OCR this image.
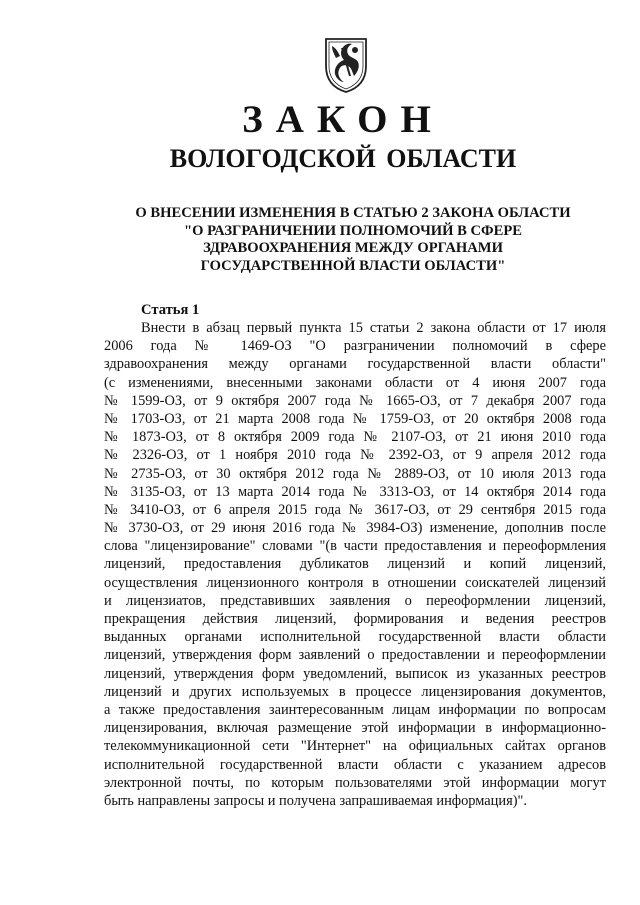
ЗАКОН
ВОЛОГОДСКОЙ ОБЛАСТИ
О ВНЕСЕНИИ ИЗМЕНЕНИЯ В СТАТЬЮ 2 ЗАКОНА ОБЛАСТИ
"О РАЗГРАНИЧЕНИИ ПОЛНОМОЧИЙ В СФЕРЕ
ЗДРАВООХРАНЕНИЯ МЕЖДУ ОРГАНАМИ
ГОСУДАРСТВЕННОЙ ВЛАСТИ ОБЛАСТИ"
Статья 1
Внести в абзац первый пункта 15 статьи 2 закона области от 17 июля
2006 года № 1469-ОЗ "О разграничении полномочий в сфере
здравоохранения между органами государственной власти области"
(с изменениями, внесенными законами области от 4 июня 2007 года
№ 1599-ОЗ, от 9 октября 2007 года № 1665-ОЗ, от 7 декабря 2007 года
№ 1703-ОЗ, от 21 марта 2008 года № 1759-ОЗ, от 20 октября 2008 года
№ 1873-ОЗ, от 8 октября 2009 года № 2107-ОЗ, от 21 июня 2010 года
№ 2326-ОЗ, от 1 ноября 2010 года № 2392-ОЗ, от 9 апреля 2012 года
№ 2735-ОЗ, от 30 октября 2012 года № 2889-ОЗ, от 10 июля 2013 года
№ 3135-ОЗ, от 13 марта 2014 года № 3313-ОЗ, от 14 октября 2014 года
№ 3410-ОЗ, от 6 апреля 2015 года № 3617-ОЗ, от 29 сентября 2015 года
№ 3730-ОЗ, от 29 июня 2016 года № 3984-ОЗ) изменение, дополнив после
слова "лицензирование" словами "(в части предоставления и переоформления
лицензий, предоставления дубликатов лицензий и копий лицензий,
осуществления лицензионного контроля в отношении соискателей лицензий
и лицензиатов, представивших заявления о переоформлении лицензий,
прекращения действия лицензий, формирования и ведения реестров
выданных органами исполнительной государственной власти области
лицензий, утверждения форм заявлений о предоставлении и переоформлении
лицензий, утверждения форм уведомлений, выписок из указанных реестров
лицензий и других используемых в процессе лицензирования документов,
а также предоставления заинтересованным лицам информации по вопросам
лицензирования, включая размещение этой информации в информационно-
телекоммуникационной сети "Интернет" на официальных сайтах органов
исполнительной государственной власти области с указанием адресов
электронной почты, по которым пользователями этой информации могут
быть направлены запросы и получена запрашиваемая информация)".
